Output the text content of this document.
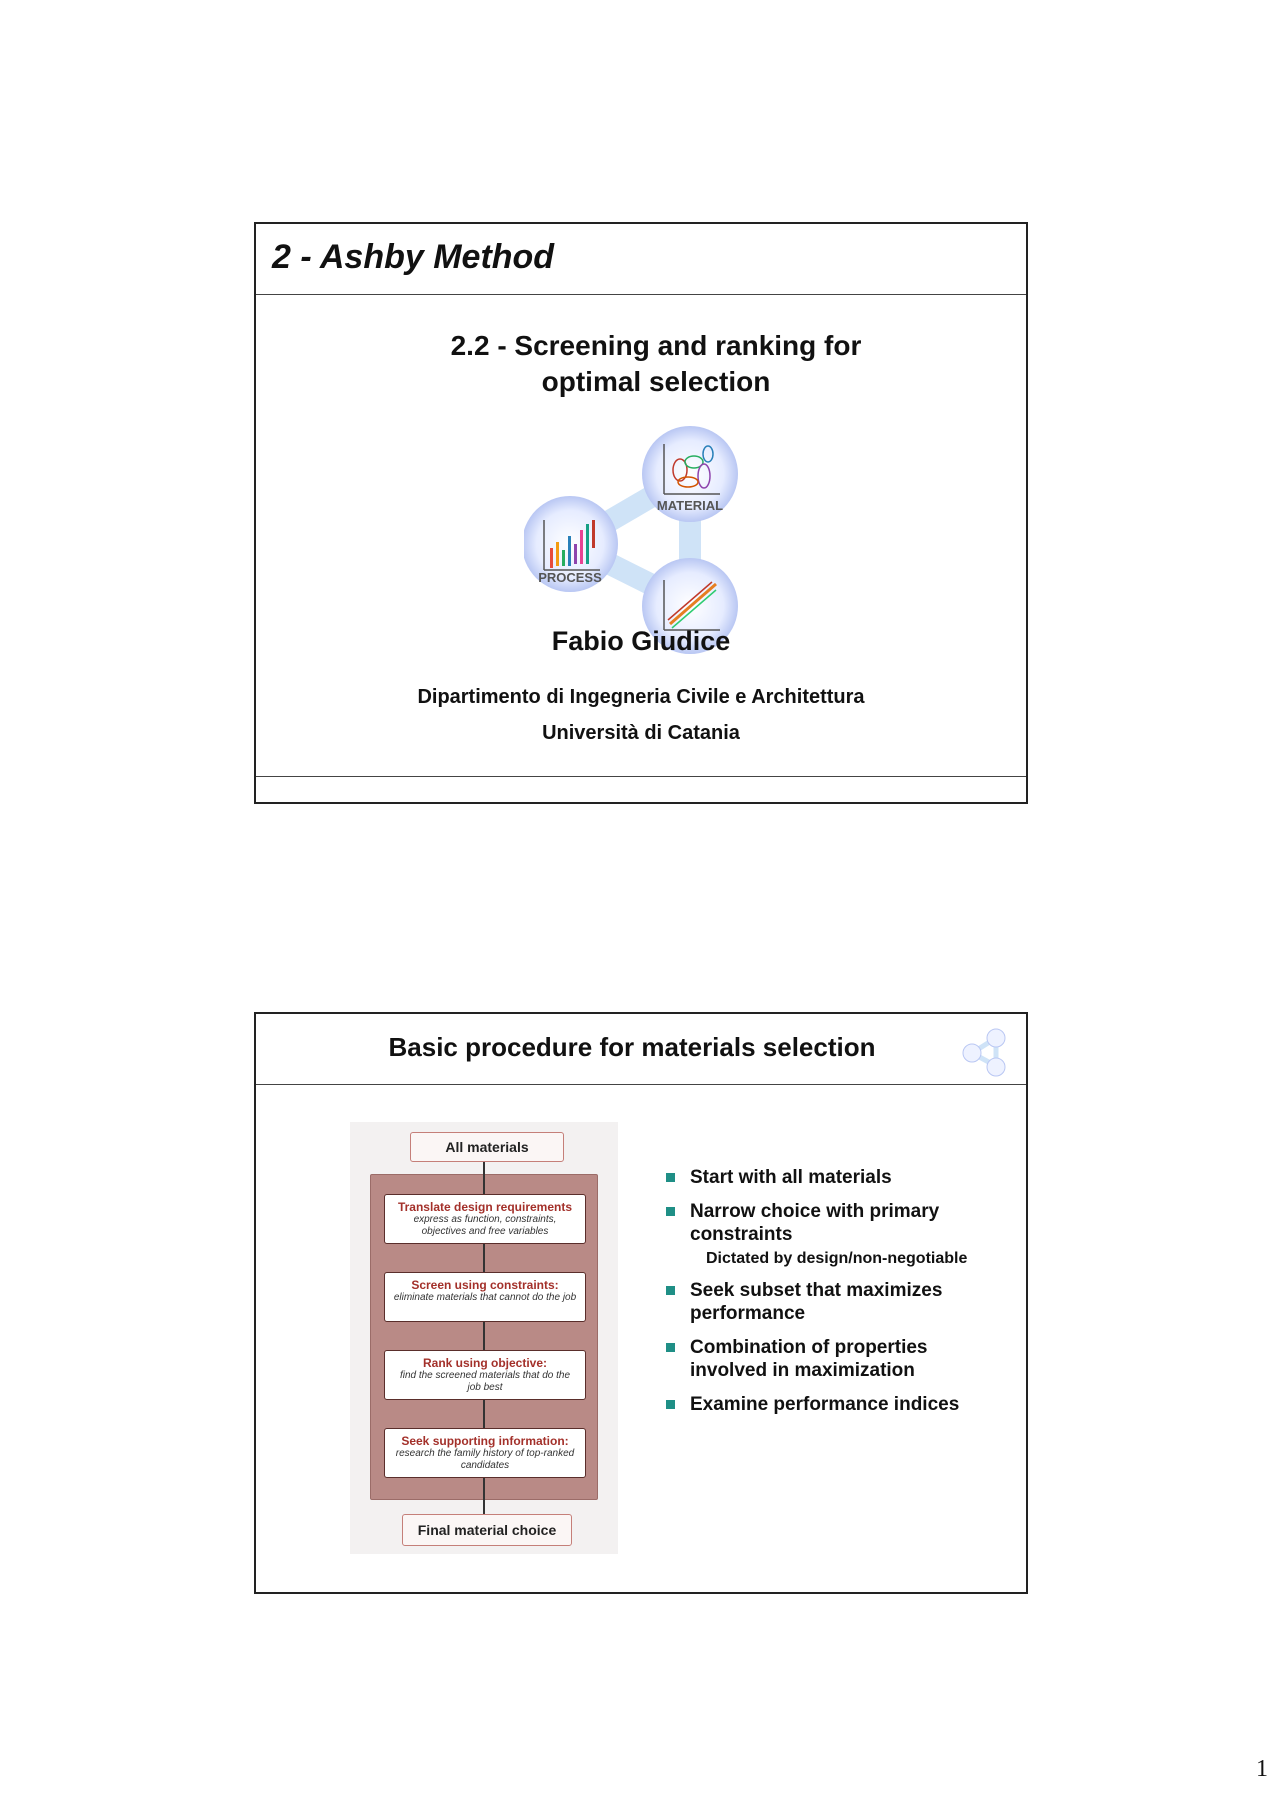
2 - Ashby Method
2.2 - Screening and ranking for
optimal selection
MATERIAL
PROCESS
Fabio Giudice
Dipartimento di Ingegneria Civile e Architettura
Università di Catania
Basic procedure for materials selection
All materials
Translate design requirements
express as function, constraints, objectives and free variables
Screen using constraints:
eliminate materials that cannot do the job
Rank using objective:
find the screened materials that do the job best
Seek supporting information:
research the family history of top-ranked candidates
Final material choice
Start with all materials
Narrow choice with primary constraints
Dictated by design/non-negotiable
Seek subset that maximizes performance
Combination of properties involved in maximization
Examine performance indices
1
